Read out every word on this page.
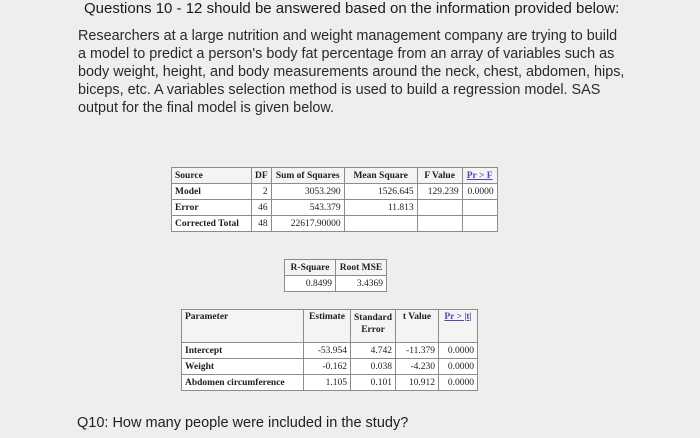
Questions 10 - 12 should be answered based on the information provided below:
Researchers at a large nutrition and weight management company are trying to build
a model to predict a person's body fat percentage from an array of variables such as
body weight, height, and body measurements around the neck, chest, abdomen, hips,
biceps, etc. A variables selection method is used to build a regression model. SAS
output for the final model is given below.
Source	DF	Sum of Squares	Mean Square	F Value	Pr > F
Model	2	3053.290	1526.645	129.239	0.0000
Error	46	543.379	11.813		
Corrected Total	48	22617.90000			
R-Square	Root MSE
0.8499	3.4369
Parameter	Estimate	Standard Error	t Value	Pr > |t|
Intercept	-53.954	4.742	-11.379	0.0000
Weight	-0.162	0.038	-4.230	0.0000
Abdomen circumference	1.105	0.101	10.912	0.0000
Q10: How many people were included in the study?
